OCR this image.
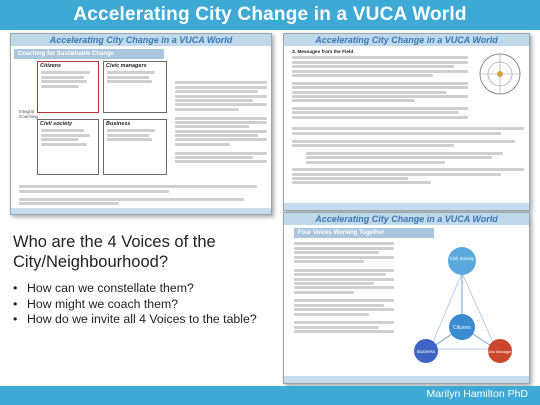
Accelerating City Change in a VUCA World
Accelerating City Change in a VUCA World
Coaching for Sustainable Change
Citizens	Civic managers
Civil society	Business
Integral Coaching
Accelerating City Change in a VUCA World
3. Messages from the Field
Accelerating City Change in a VUCA World
Four Voices Working Together
Civil Society
Citizens
Business	Civic Managers
Who are the 4 Voices of the City/Neighbourhood?
• How can we constellate them?
• How might we coach them?
• How do we invite all 4 Voices to the table?
Marilyn Hamilton PhD
